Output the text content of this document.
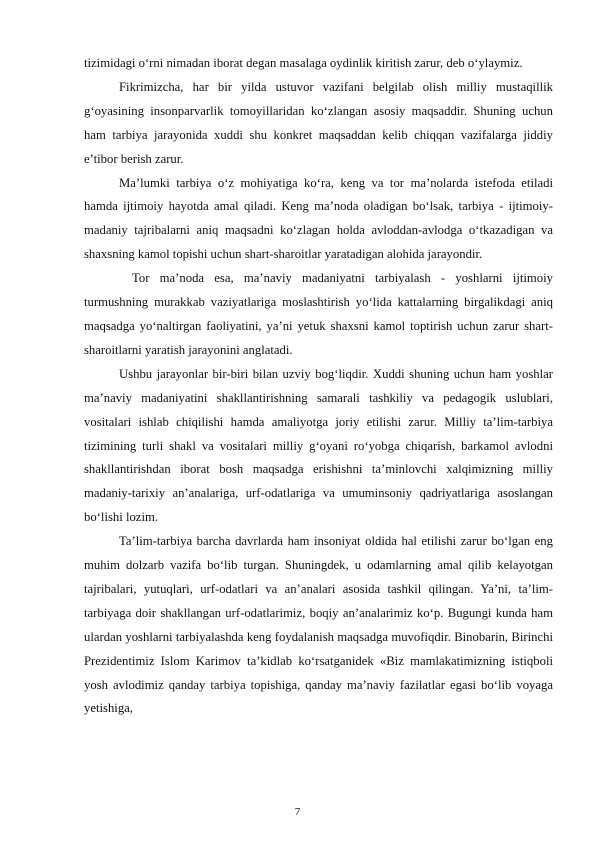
tizimidagi o‘rni nimadan iborat degan masalaga oydinlik kiritish zarur, deb o‘ylaymiz.

Fikrimizcha, har bir yilda ustuvor vazifani belgilab olish milliy mustaqillik g‘oyasining insonparvarlik tomoyillaridan ko‘zlangan asosiy maqsaddir. Shuning uchun ham tarbiya jarayonida xuddi shu konkret maqsaddan kelib chiqqan vazifalarga jiddiy e’tibor berish zarur.

Ma’lumki tarbiya o‘z mohiyatiga ko‘ra, keng va tor ma’nolarda istefoda etiladi hamda ijtimoiy hayotda amal qiladi. Keng ma’noda oladigan bo‘lsak, tarbiya - ijtimoiy-madaniy tajribalarni aniq maqsadni ko‘zlagan holda avloddan-avlodga o‘tkazadigan va shaxsning kamol topishi uchun shart-sharoitlar yaratadigan alohida jarayondir.

Tor ma’noda esa, ma’naviy madaniyatni tarbiyalash - yoshlarni ijtimoiy turmushning murakkab vaziyatlariga moslashtirish yo‘lida kattalarning birgalikdagi aniq maqsadga yo‘naltirgan faoliyatini, ya’ni yetuk shaxsni kamol toptirish uchun zarur shart-sharoitlarni yaratish jarayonini anglatadi.

Ushbu jarayonlar bir-biri bilan uzviy bog‘liqdir. Xuddi shuning uchun ham yoshlar ma’naviy madaniyatini shakllantirishning samarali tashkiliy va pedagogik uslublari, vositalari ishlab chiqilishi hamda amaliyotga joriy etilishi zarur. Milliy ta’lim-tarbiya tizimining turli shakl va vositalari milliy g‘oyani ro‘yobga chiqarish, barkamol avlodni shakllantirishdan iborat bosh maqsadga erishishni ta’minlovchi xalqimizning milliy madaniy-tarixiy an’analariga, urf-odatlariga va umuminsoniy qadriyatlariga asoslangan bo‘lishi lozim.

Ta’lim-tarbiya barcha davrlarda ham insoniyat oldida hal etilishi zarur bo‘lgan eng muhim dolzarb vazifa bo‘lib turgan. Shuningdek, u odamlarning amal qilib kelayotgan tajribalari, yutuqlari, urf-odatlari va an’analari asosida tashkil qilingan. Ya’ni, ta’lim-tarbiyaga doir shakllangan urf-odatlarimiz, boqiy an’analarimiz ko‘p. Bugungi kunda ham ulardan yoshlarni tarbiyalashda keng foydalanish maqsadga muvofiqdir. Binobarin, Birinchi Prezidentimiz Islom Karimov ta’kidlab ko‘rsatganidek «Biz mamlakatimizning istiqboli yosh avlodimiz qanday tarbiya topishiga, qanday ma’naviy fazilatlar egasi bo‘lib voyaga yetishiga,

7
